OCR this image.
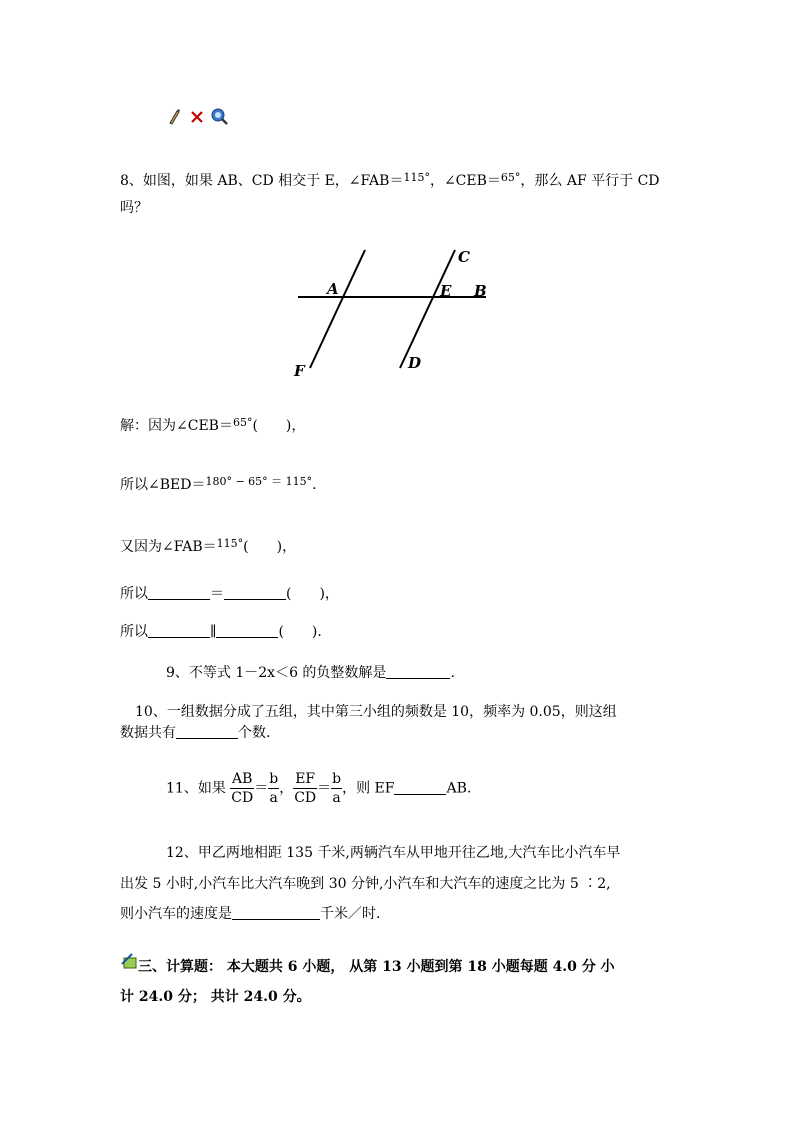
8、如图，如果 AB、CD 相交于 E，∠FAB＝$^{115^\circ}$，∠CEB＝$^{65^\circ}$，那么 AF 平行于 CD
吗？
C
A	E B
F	D
解：因为∠CEB＝$^{65^\circ}$(　　)，
所以∠BED＝$^{180^\circ - 65^\circ = 115^\circ}$.
又因为∠FAB＝$^{115^\circ}$(　　)，
所以	＝	(　　)，
所以	∥	(　　).
9、不等式 1－2x＜6 的负整数解是	.
10、一组数据分成了五组，其中第三小组的频数是 10，频率为 0.05，则这组
数据共有	个数.
11、如果 $\frac{AB}{CD} = \frac{b}{a}$ ， $\frac{EF}{CD} = \frac{b}{a}$ ，则 EF	AB.
12、甲乙两地相距 135 千米,两辆汽车从甲地开往乙地,大汽车比小汽车早
出发 5 小时,小汽车比大汽车晚到 30 分钟,小汽车和大汽车的速度之比为 5 ∶2,
则小汽车的速度是	千米／时.
三、计算题： 本大题共 6 小题， 从第 13 小题到第 18 小题每题 4.0 分 小
计 24.0 分； 共计 24.0 分。
